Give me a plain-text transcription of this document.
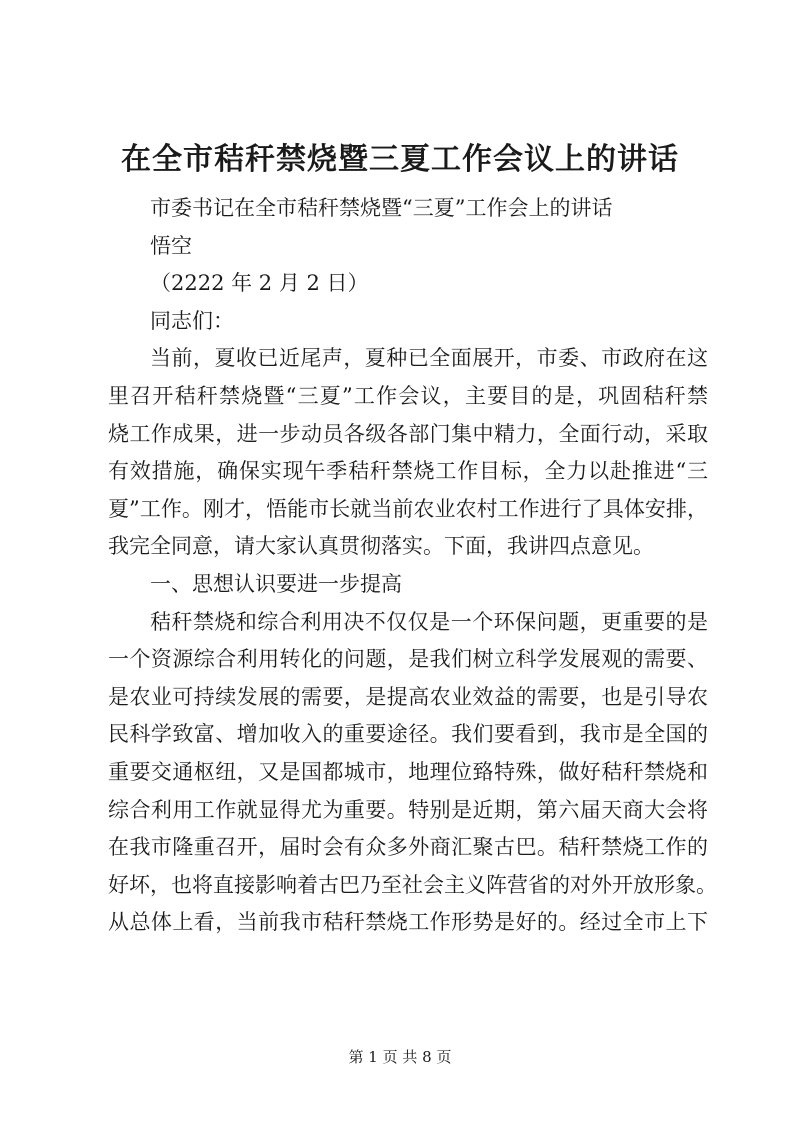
在全市秸秆禁烧暨三夏工作会议上的讲话
市委书记在全市秸秆禁烧暨“三夏”工作会上的讲话
悟空
（2222 年 2 月 2 日）
同志们：
当前，夏收已近尾声，夏种已全面展开，市委、市政府在这
里召开秸秆禁烧暨“三夏”工作会议，主要目的是，巩固秸秆禁
烧工作成果，进一步动员各级各部门集中精力，全面行动，采取
有效措施，确保实现午季秸秆禁烧工作目标，全力以赴推进“三
夏”工作。刚才，悟能市长就当前农业农村工作进行了具体安排，
我完全同意，请大家认真贯彻落实。下面，我讲四点意见。
一、思想认识要进一步提高
秸秆禁烧和综合利用决不仅仅是一个环保问题，更重要的是
一个资源综合利用转化的问题，是我们树立科学发展观的需要、
是农业可持续发展的需要，是提高农业效益的需要，也是引导农
民科学致富、增加收入的重要途径。我们要看到，我市是全国的
重要交通枢纽，又是国都城市，地理位臵特殊，做好秸秆禁烧和
综合利用工作就显得尤为重要。特别是近期，第六届天商大会将
在我市隆重召开，届时会有众多外商汇聚古巴。秸秆禁烧工作的
好坏，也将直接影响着古巴乃至社会主义阵营省的对外开放形象。
从总体上看，当前我市秸秆禁烧工作形势是好的。经过全市上下
第 1 页 共 8 页
